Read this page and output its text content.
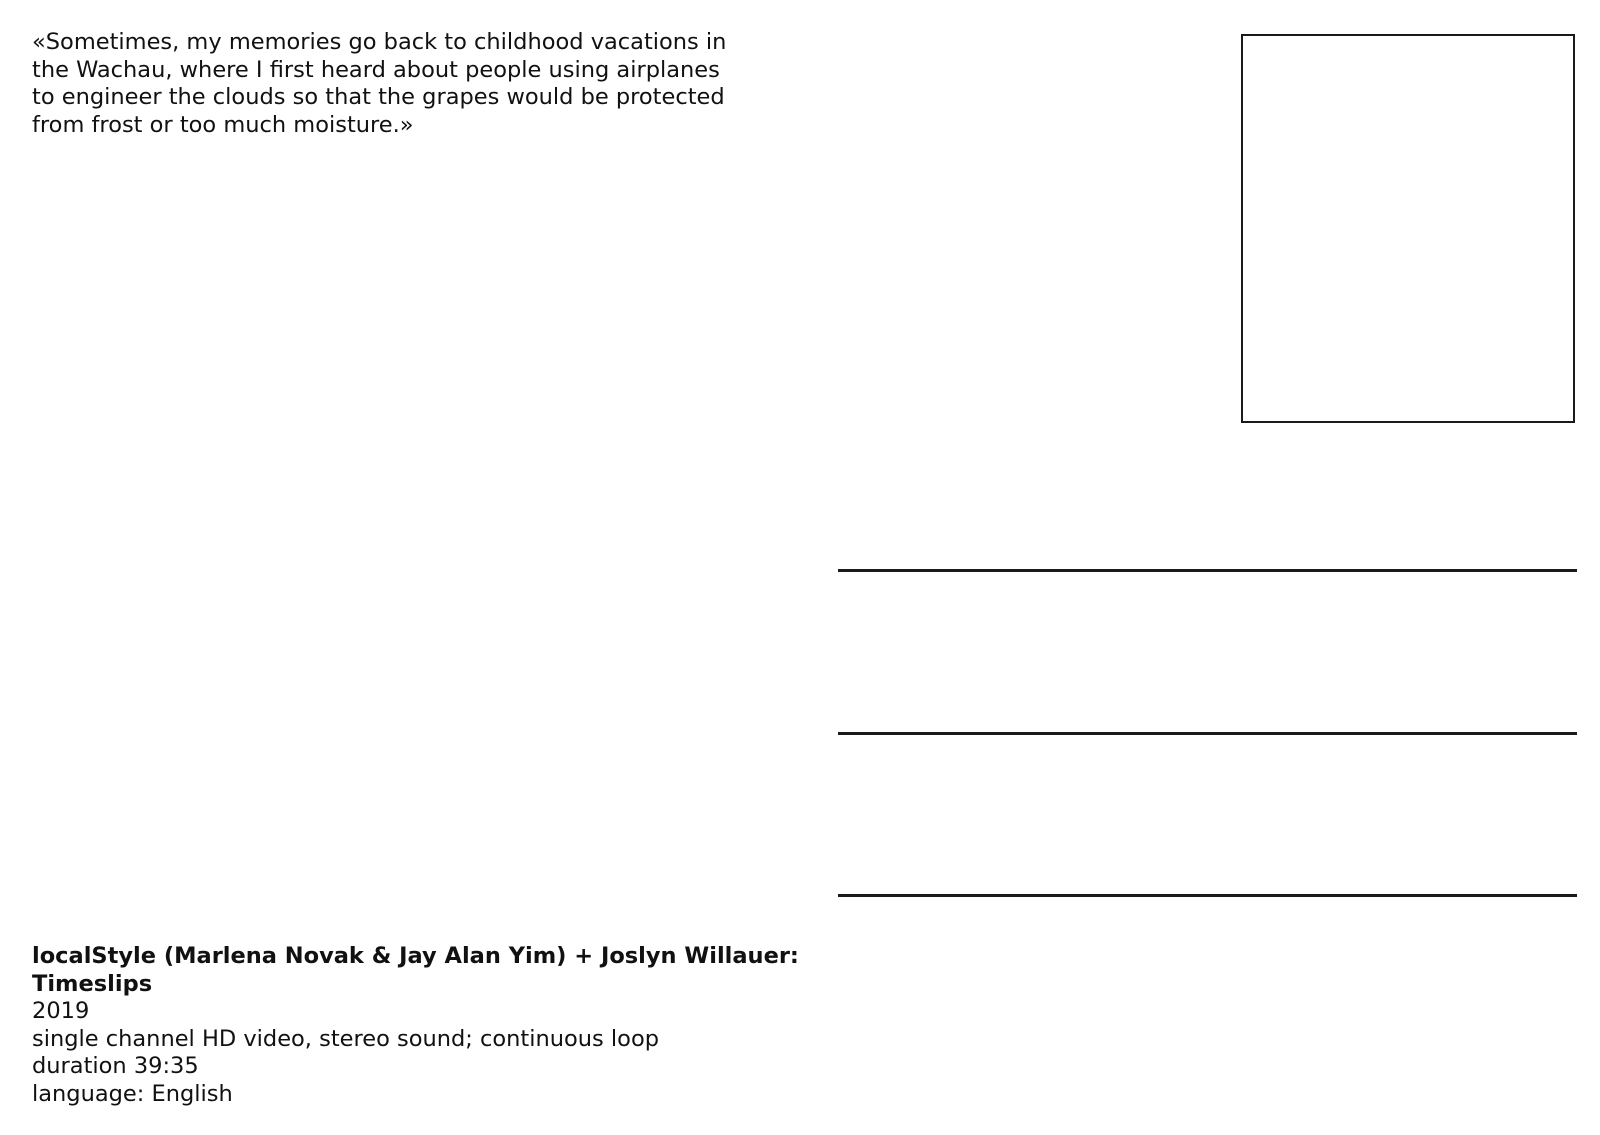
«Sometimes, my memories go back to childhood vacations in
the Wachau, where I first heard about people using airplanes
to engineer the clouds so that the grapes would be protected
from frost or too much moisture.»
localStyle (Marlena Novak & Jay Alan Yim) + Joslyn Willauer:
Timeslips
2019
single channel HD video, stereo sound; continuous loop
duration 39:35
language: English
